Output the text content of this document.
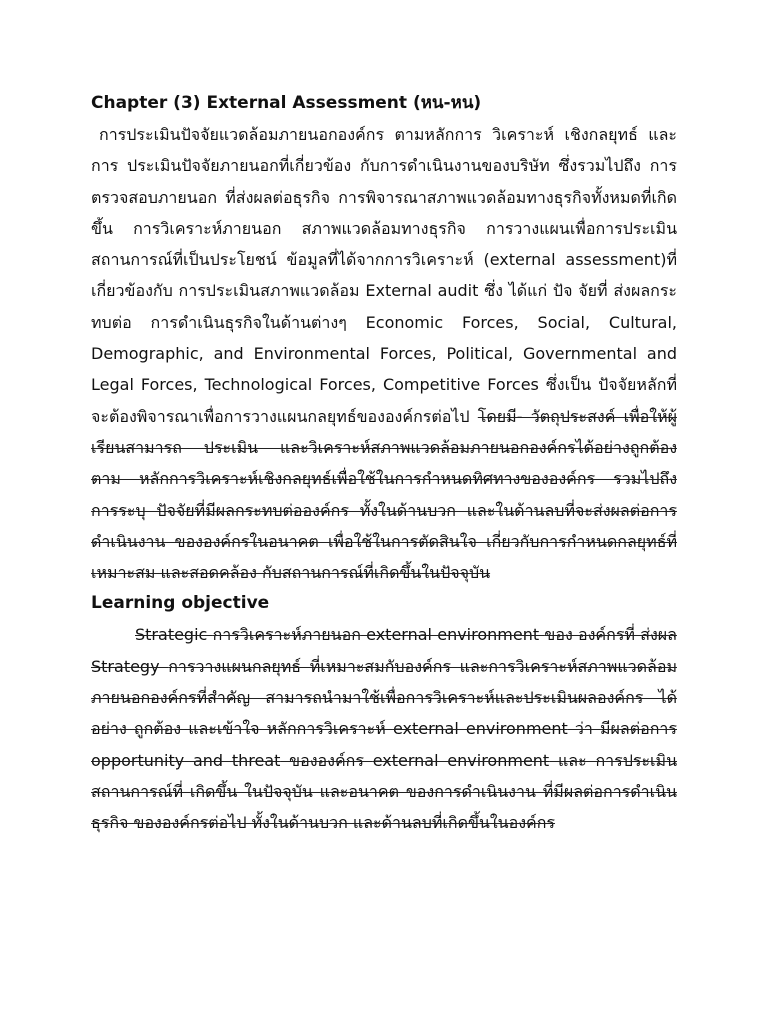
Chapter (3) External Assessment (หน-หน)

การประเมินปัจจัยแวดล้อมภายนอกองค์กร ตามหลักการ วิเคราะห์ เชิงกลยุทธ์ และการ ประเมินปัจจัยภายนอกที่เกี่ยวข้อง กับการดำเนินงานของบริษัท ซึ่งรวมไปถึง การตรวจสอบภายนอก ที่ส่งผลต่อธุรกิจ การพิจารณาสภาพแวดล้อมทางธุรกิจทั้งหมดที่เกิดขึ้น การวิเคราะห์ภายนอก สภาพแวดล้อมทางธุรกิจ การวางแผนเพื่อการประเมินสถานการณ์ที่เป็นประโยชน์ ข้อมูลที่ได้จากการวิเคราะห์ (external assessment)ที่เกี่ยวข้องกับ การประเมินสภาพแวดล้อม External audit ซึ่ง ได้แก่ ปัจ จัยที่ ส่งผลกระทบต่อ การดำเนินธุรกิจในด้านต่างๆ Economic Forces, Social, Cultural, Demographic, and Environmental Forces, Political, Governmental and Legal Forces, Technological Forces, Competitive Forces ซึ่งเป็น ปัจจัยหลักที่จะต้องพิจารณาเพื่อการวางแผนกลยุทธ์ขององค์กรต่อไป โดยมี- วัตถุประสงค์ เพื่อให้ผู้เรียนสามารถ ประเมิน และวิเคราะห์สภาพแวดล้อมภายนอกองค์กรได้อย่างถูกต้อง ตาม หลักการวิเคราะห์เชิงกลยุทธ์เพื่อใช้ในการกำหนดทิศทางขององค์กร รวมไปถึง การระบุ ปัจจัยที่มีผลกระทบต่อองค์กร ทั้งในด้านบวก และในด้านลบที่จะส่งผลต่อการดำเนินงาน ขององค์กรในอนาคต เพื่อใช้ในการตัดสินใจ เกี่ยวกับการกำหนดกลยุทธ์ที่เหมาะสม และสอดคล้อง กับสถานการณ์ที่เกิดขึ้นในปัจจุบัน

Learning objective

Strategic การวิเคราะห์ภายนอก external environment ของ องค์กรที่ ส่งผล Strategy การวางแผนกลยุทธ์ ที่เหมาะสมกับองค์กร และการวิเคราะห์สภาพแวดล้อม ภายนอกองค์กรที่สำคัญ สามารถนำมาใช้เพื่อการวิเคราะห์และประเมินผลองค์กร ได้อย่าง ถูกต้อง และเข้าใจ หลักการวิเคราะห์ external environment ว่า มีผลต่อการ opportunity and threat ขององค์กร external environment และ การประเมินสถานการณ์ที่ เกิดขึ้น ในปัจจุบัน และอนาคต ของการดำเนินงาน ที่มีผลต่อการดำเนินธุรกิจ ขององค์กรต่อไป ทั้งในด้านบวก และด้านลบที่เกิดขึ้นในองค์กร
